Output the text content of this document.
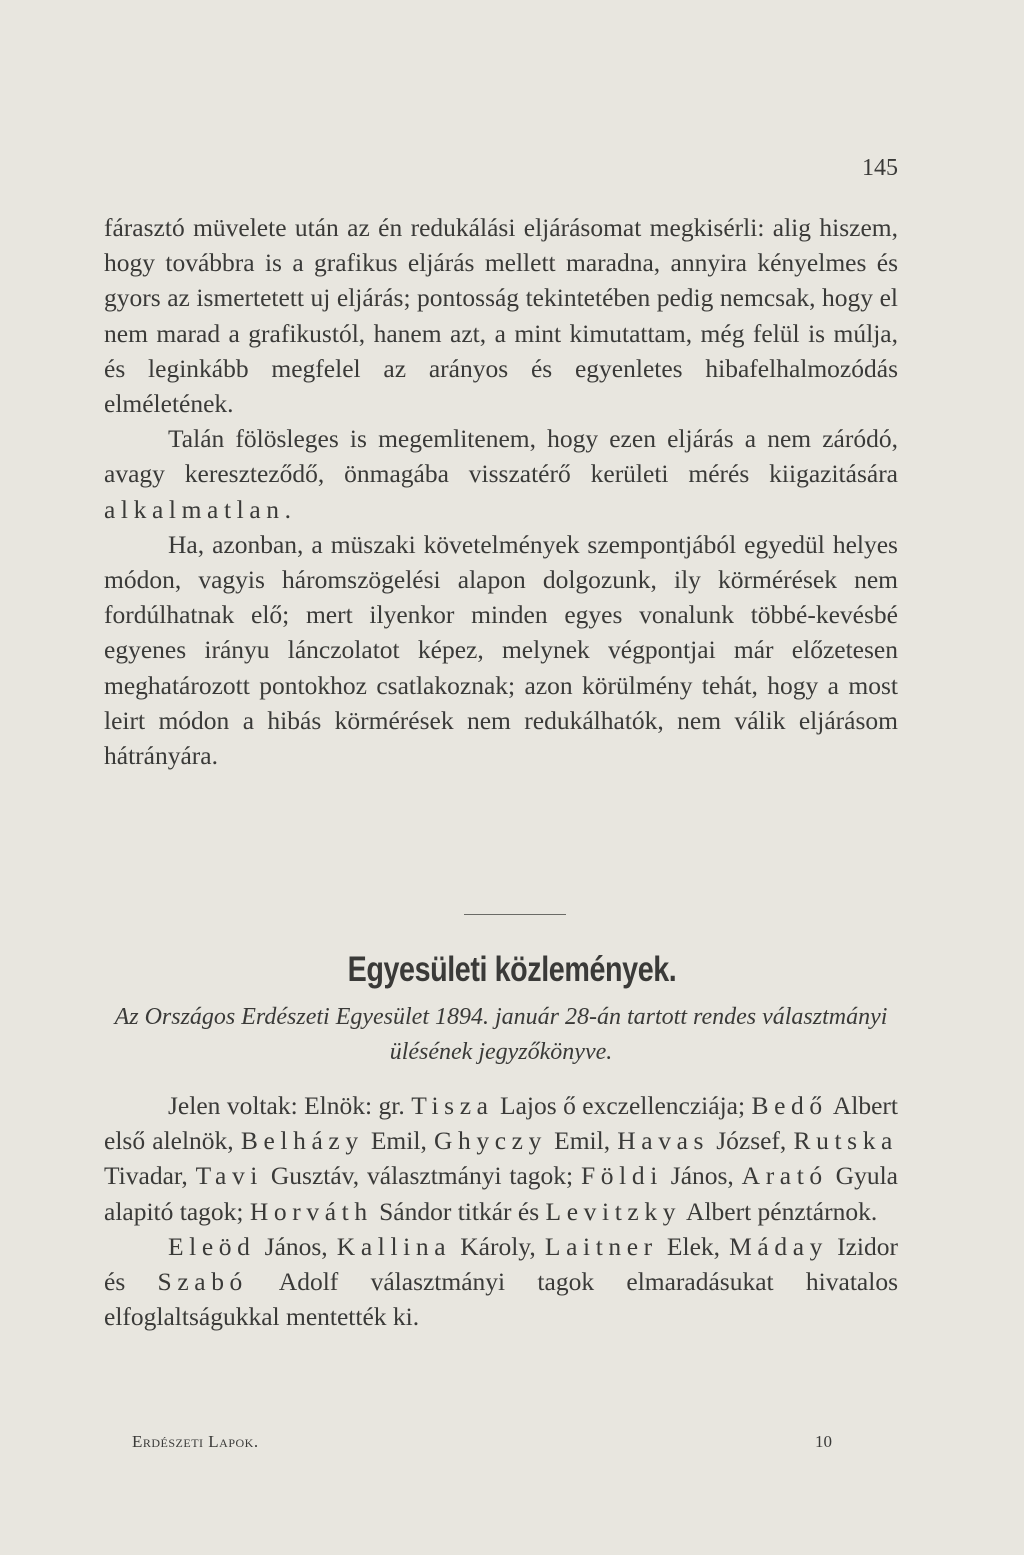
145

fárasztó müvelete után az én redukálási eljárásomat megkisérli: alig hiszem, hogy továbbra is a grafikus eljárás mellett maradna, annyira kényelmes és gyors az ismertetett uj eljárás; pontosság tekintetében pedig nemcsak, hogy el nem marad a grafikustól, hanem azt, a mint kimutattam, még felül is múlja, és leginkább megfelel az arányos és egyenletes hibafelhalmozódás elméletének.

Talán fölösleges is megemlitenem, hogy ezen eljárás a nem záródó, avagy kereszteződő, önmagába visszatérő kerületi mérés kiigazitására alkalmatlan.

Ha, azonban, a müszaki követelmények szempontjából egyedül helyes módon, vagyis háromszögelési alapon dolgozunk, ily körmérések nem fordúlhatnak elő; mert ilyenkor minden egyes vonalunk többé-kevésbé egyenes irányu lánczolatot képez, melynek végpontjai már előzetesen meghatározott pontokhoz csatlakoznak; azon körülmény tehát, hogy a most leirt módon a hibás körmérések nem redukálhatók, nem válik eljárásom hátrányára.

Egyesületi közlemények.
Az Országos Erdészeti Egyesület 1894. január 28-án tartott rendes választmányi ülésének jegyzőkönyve.

Jelen voltak: Elnök: gr. Tisza Lajos ő exczellencziája; Bedő Albert első alelnök, Belházy Emil, Ghyczy Emil, Havas József, Rutska Tivadar, Tavi Gusztáv, választmányi tagok; Földi János, Arató Gyula alapitó tagok; Horváth Sándor titkár és Levitzky Albert pénztárnok.

Eleöd János, Kallina Károly, Laitner Elek, Máday Izidor és Szabó Adolf választmányi tagok elmaradásukat hivatalos elfoglaltságukkal mentették ki.

Erdészeti Lapok.	10
